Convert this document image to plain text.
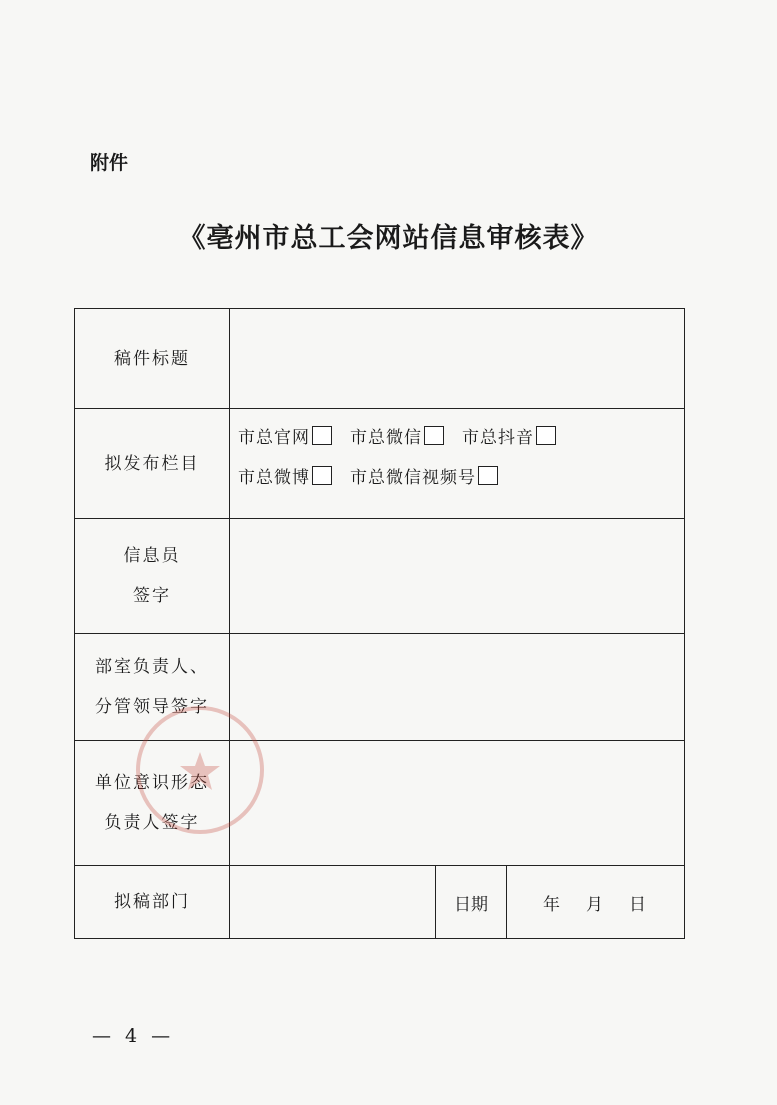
附件
《亳州市总工会网站信息审核表》
稿件标题			
拟发布栏目	市总官网 市总微信 市总抖音
市总微博 市总微信视频号		

信息员
签字			

部室负责人、
分管领导签字			

单位意识形态
负责人签字			

拟稿部门		日期	年 月 日
— 4 —
